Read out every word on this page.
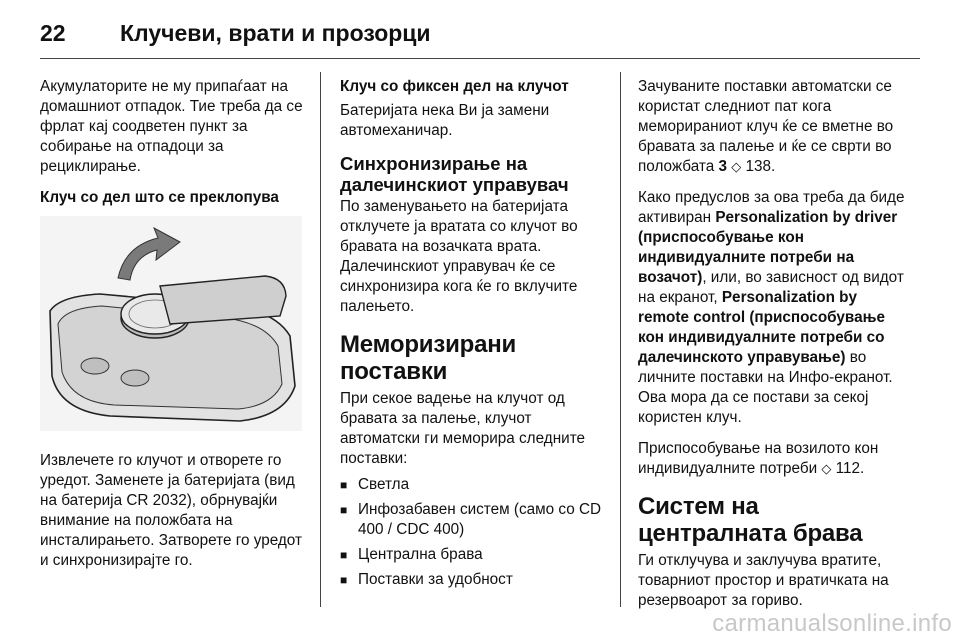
22 Клучеви, врати и прозорци

Акумулаторите не му припаѓаат на домашниот отпадок. Тие треба да се фрлат кај соодветен пункт за собирање на отпадоци за рециклирање.

Клуч со дел што се преклопува

Извлечете го клучот и отворете го уредот. Заменете ја батеријата (вид на батерија CR 2032), обрнувајќи внимание на положбата на инсталирањето. Затворете го уредот и синхронизирајте го.

Клуч со фиксен дел на клучот

Батеријата нека Ви ја замени автомеханичар.

Синхронизирање на далечинскиот управувач

По заменувањето на батеријата отклучете ја вратата со клучот во бравата на возачката врата. Далечинскиот управувач ќе се синхронизира кога ќе го вклучите палењето.

Меморизирани поставки

При секое вадење на клучот од бравата за палење, клучот автоматски ги меморира следните поставки:

■ Светла
■ Инфозабавен систем (само со CD 400 / CDC 400)
■ Централна брава
■ Поставки за удобност

Зачуваните поставки автоматски се користат следниот пат кога меморираниот клуч ќе се вметне во бравата за палење и ќе се сврти во положбата 3 ◇ 138.

Како предуслов за ова треба да биде активиран Personalization by driver (приспособување кон индивидуалните потреби на возачот), или, во зависност од видот на екранот, Personalization by remote control (приспособување кон индивидуалните потреби со далечинското управување) во личните поставки на Инфо-екранот. Ова мора да се постави за секој користен клуч.

Приспособување на возилото кон индивидуалните потреби ◇ 112.

Систем на централната брава

Ги отклучува и заклучува вратите, товарниот простор и вратичката на резервоарот за гориво.

carmanualsonline.info
